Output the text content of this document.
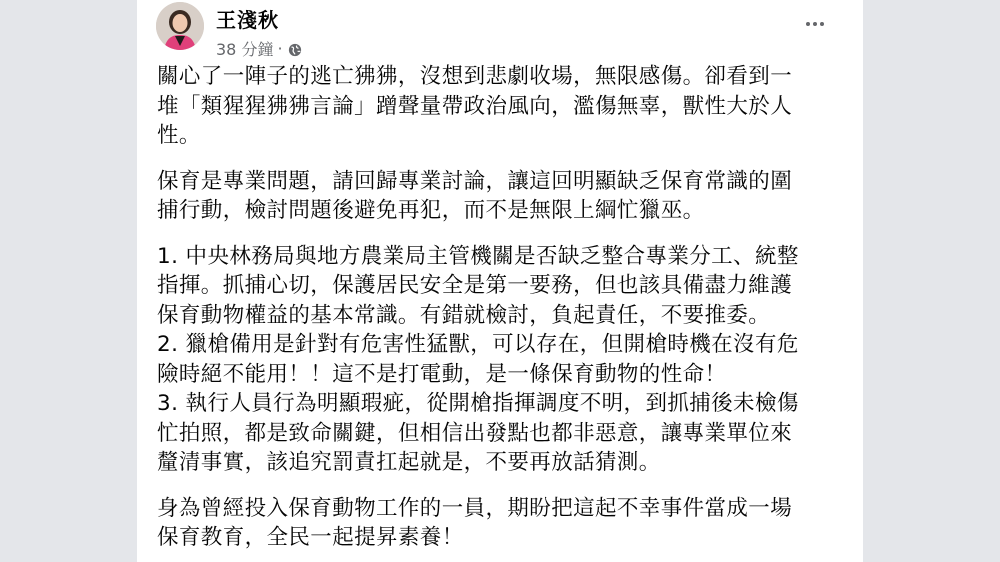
王淺秋
38 分鐘 ·

關心了一陣子的逃亡狒狒，沒想到悲劇收場，無限感傷。卻看到一
堆「類猩猩狒狒言論」蹭聲量帶政治風向，濫傷無辜，獸性大於人
性。

保育是專業問題，請回歸專業討論，讓這回明顯缺乏保育常識的圍
捕行動，檢討問題後避免再犯，而不是無限上綱忙獵巫。

1. 中央林務局與地方農業局主管機關是否缺乏整合專業分工、統整
指揮。抓捕心切，保護居民安全是第一要務，但也該具備盡力維護
保育動物權益的基本常識。有錯就檢討，負起責任，不要推委。
2. 獵槍備用是針對有危害性猛獸，可以存在，但開槍時機在沒有危
險時絕不能用！！這不是打電動，是一條保育動物的性命！
3. 執行人員行為明顯瑕疵，從開槍指揮調度不明，到抓捕後未檢傷
忙拍照，都是致命關鍵，但相信出發點也都非惡意，讓專業單位來
釐清事實，該追究罰責扛起就是，不要再放話猜測。

身為曾經投入保育動物工作的一員，期盼把這起不幸事件當成一場
保育教育，全民一起提昇素養！
